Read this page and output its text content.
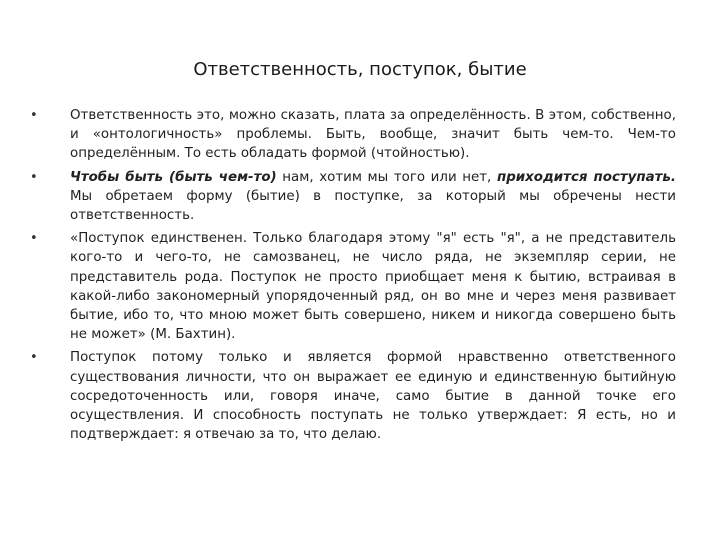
Ответственность, поступок, бытие
• Ответственность это, можно сказать, плата за определённость. В этом, собственно, и «онтологичность» проблемы. Быть, вообще, значит быть чем-то. Чем-то определённым. То есть обладать формой (чтойностью).
• Чтобы быть (быть чем-то) нам, хотим мы того или нет, приходится поступать. Мы обретаем форму (бытие) в поступке, за который мы обречены нести ответственность.
• «Поступок единственен. Только благодаря этому "я" есть "я", а не представитель кого-то и чего-то, не самозванец, не число ряда, не экземпляр серии, не представитель рода. Поступок не просто приобщает меня к бытию, встраивая в какой-либо закономерный упорядоченный ряд, он во мне и через меня развивает бытие, ибо то, что мною может быть совершено, никем и никогда совершено быть не может» (М. Бахтин).
• Поступок потому только и является формой нравственно ответственного существования личности, что он выражает ее единую и единственную бытийную сосредоточенность или, говоря иначе, само бытие в данной точке его осуществления. И способность поступать не только утверждает: Я есть, но и подтверждает: я отвечаю за то, что делаю.
